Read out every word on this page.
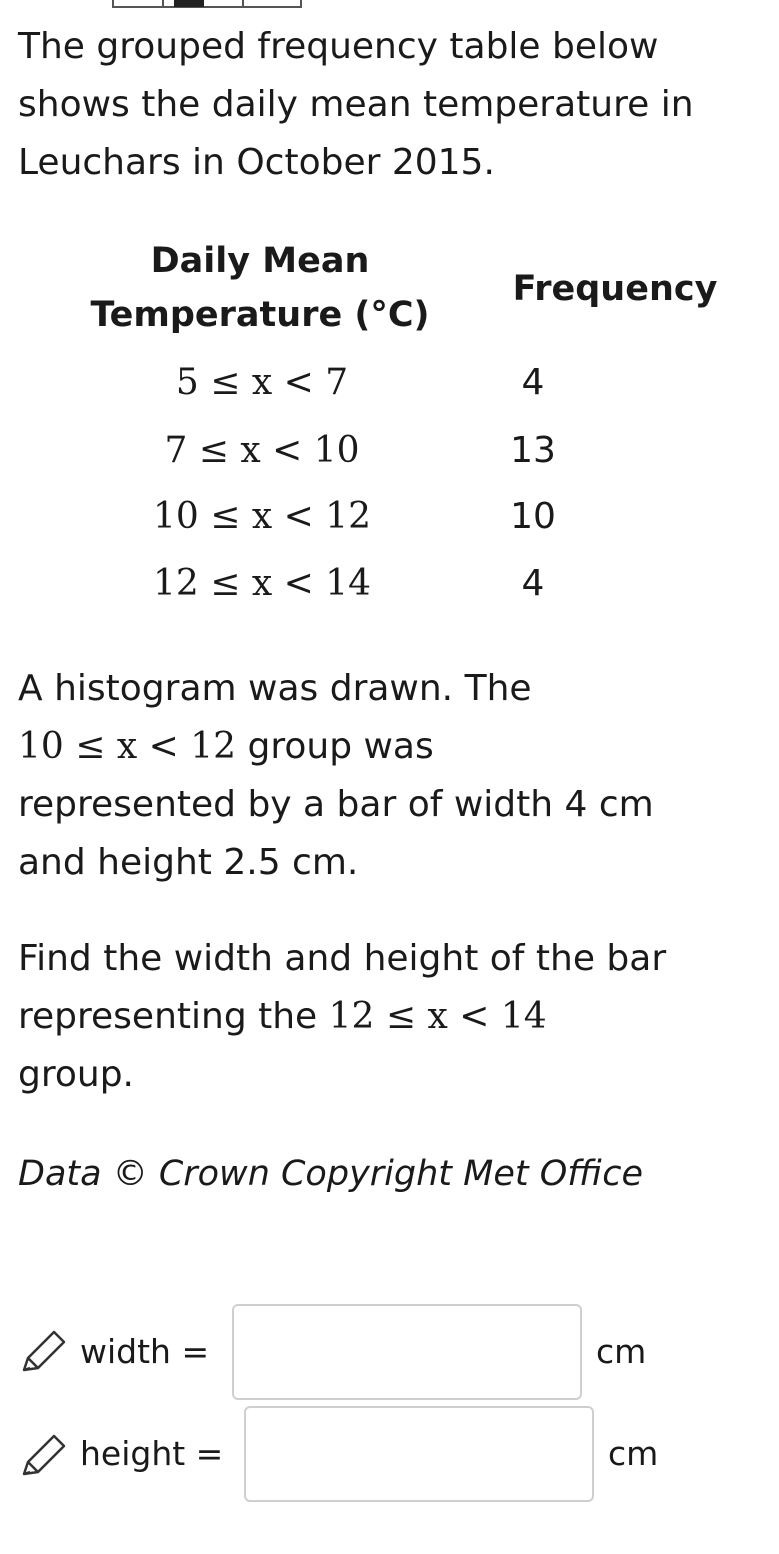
The grouped frequency table below shows the daily mean temperature in Leuchars in October 2015.
Daily Mean
Temperature (°C)
Frequency
5 ≤ x < 7	4
7 ≤ x < 10	13
10 ≤ x < 12	10
12 ≤ x < 14	4
A histogram was drawn. The
10 ≤ x < 12 group was
represented by a bar of width 4 cm
and height 2.5 cm.
Find the width and height of the bar
representing the 12 ≤ x < 14
group.
Data © Crown Copyright Met Office
width =	cm
height =	cm
